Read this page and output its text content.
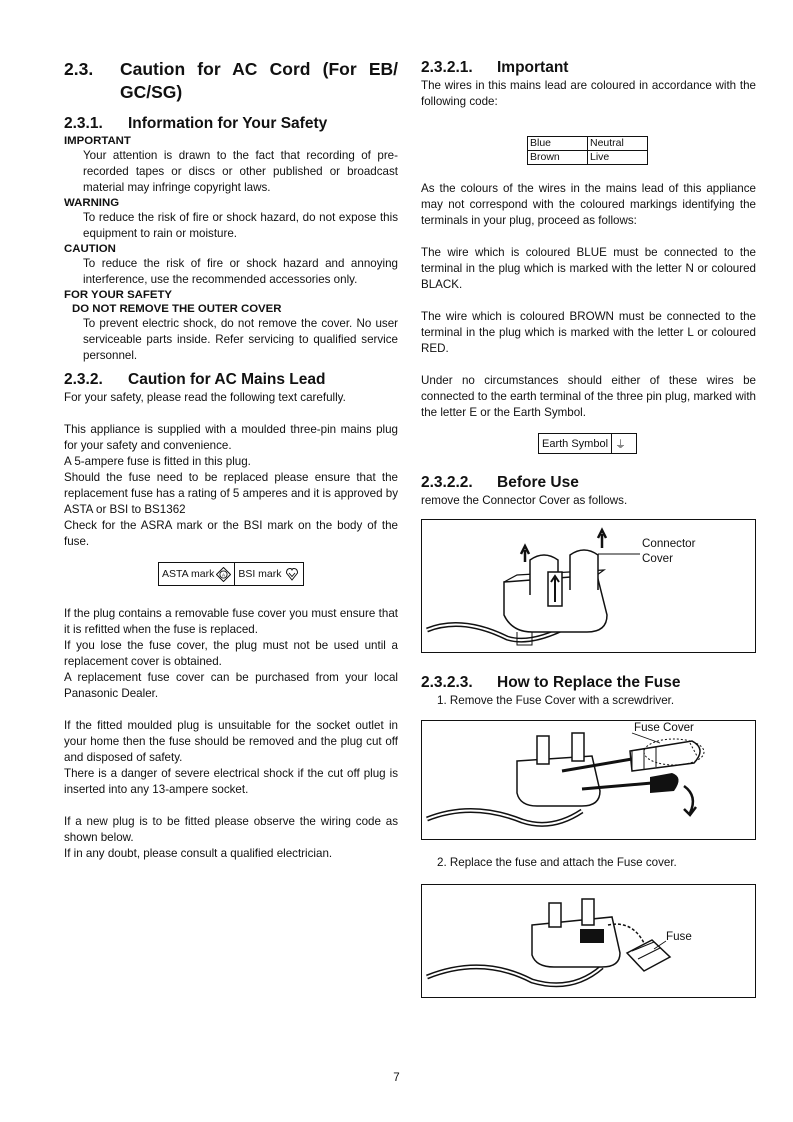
2.3.	Caution for AC Cord (For EB/ GC/SG)
2.3.1. Information for Your Safety

IMPORTANT

Your attention is drawn to the fact that recording of pre-recorded tapes or discs or other published or broadcast material may infringe copyright laws.

WARNING

To reduce the risk of fire or shock hazard, do not expose this equipment to rain or moisture.

CAUTION

To reduce the risk of fire or shock hazard and annoying interference, use the recommended accessories only.

FOR YOUR SAFETY

DO NOT REMOVE THE OUTER COVER

To prevent electric shock, do not remove the cover. No user serviceable parts inside. Refer servicing to qualified service personnel.

2.3.2. Caution for AC Mains Lead

For your safety, please read the following text carefully.

This appliance is supplied with a moulded three-pin mains plug for your safety and convenience.

A 5-ampere fuse is fitted in this plug.

Should the fuse need to be replaced please ensure that the replacement fuse has a rating of 5 amperes and it is approved by ASTA or BSI to BS1362

Check for the ASRA mark or the BSI mark on the body of the fuse.

ASTA mark A BSI mark

If the plug contains a removable fuse cover you must ensure that it is refitted when the fuse is replaced.

If you lose the fuse cover, the plug must not be used until a replacement cover is obtained.

A replacement fuse cover can be purchased from your local Panasonic Dealer.

If the fitted moulded plug is unsuitable for the socket outlet in your home then the fuse should be removed and the plug cut off and disposed of safety.

There is a danger of severe electrical shock if the cut off plug is inserted into any 13-ampere socket.

If a new plug is to be fitted please observe the wiring code as shown below.

If in any doubt, please consult a qualified electrician.

2.3.2.1. Important

The wires in this mains lead are coloured in accordance with the following code:

Blue	Neutral
Brown	Live

As the colours of the wires in the mains lead of this appliance may not correspond with the coloured markings identifying the terminals in your plug, proceed as follows:

The wire which is coloured BLUE must be connected to the terminal in the plug which is marked with the letter N or coloured BLACK.

The wire which is coloured BROWN must be connected to the terminal in the plug which is marked with the letter L or coloured RED.

Under no circumstances should either of these wires be connected to the earth terminal of the three pin plug, marked with the letter E or the Earth Symbol.

Earth Symbol ⏚
2.3.2.2. Before Use

remove the Connector Cover as follows.

Connector
Cover
2.3.2.3. How to Replace the Fuse

1. Remove the Fuse Cover with a screwdriver.

Fuse Cover

2. Replace the fuse and attach the Fuse cover.

Fuse
7
